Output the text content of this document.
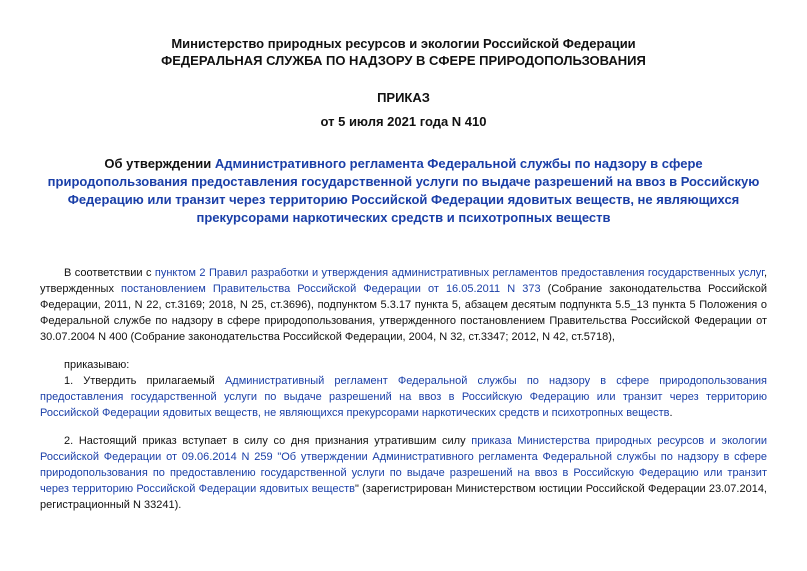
Министерство природных ресурсов и экологии Российской Федерации
ФЕДЕРАЛЬНАЯ СЛУЖБА ПО НАДЗОРУ В СФЕРЕ ПРИРОДОПОЛЬЗОВАНИЯ
ПРИКАЗ
от 5 июля 2021 года N 410
Об утверждении Административного регламента Федеральной службы по надзору в сфере природопользования предоставления государственной услуги по выдаче разрешений на ввоз в Российскую Федерацию или транзит через территорию Российской Федерации ядовитых веществ, не являющихся прекурсорами наркотических средств и психотропных веществ

В соответствии с пунктом 2 Правил разработки и утверждения административных регламентов предоставления государственных услуг, утвержденных постановлением Правительства Российской Федерации от 16.05.2011 N 373 (Собрание законодательства Российской Федерации, 2011, N 22, ст.3169; 2018, N 25, ст.3696), подпунктом 5.3.17 пункта 5, абзацем десятым подпункта 5.5_13 пункта 5 Положения о Федеральной службе по надзору в сфере природопользования, утвержденного постановлением Правительства Российской Федерации от 30.07.2004 N 400 (Собрание законодательства Российской Федерации, 2004, N 32, ст.3347; 2012, N 42, ст.5718),

приказываю:

1. Утвердить прилагаемый Административный регламент Федеральной службы по надзору в сфере природопользования предоставления государственной услуги по выдаче разрешений на ввоз в Российскую Федерацию или транзит через территорию Российской Федерации ядовитых веществ, не являющихся прекурсорами наркотических средств и психотропных веществ.

2. Настоящий приказ вступает в силу со дня признания утратившим силу приказа Министерства природных ресурсов и экологии Российской Федерации от 09.06.2014 N 259 "Об утверждении Административного регламента Федеральной службы по надзору в сфере природопользования по предоставлению государственной услуги по выдаче разрешений на ввоз в Российскую Федерацию или транзит через территорию Российской Федерации ядовитых веществ" (зарегистрирован Министерством юстиции Российской Федерации 23.07.2014, регистрационный N 33241).
